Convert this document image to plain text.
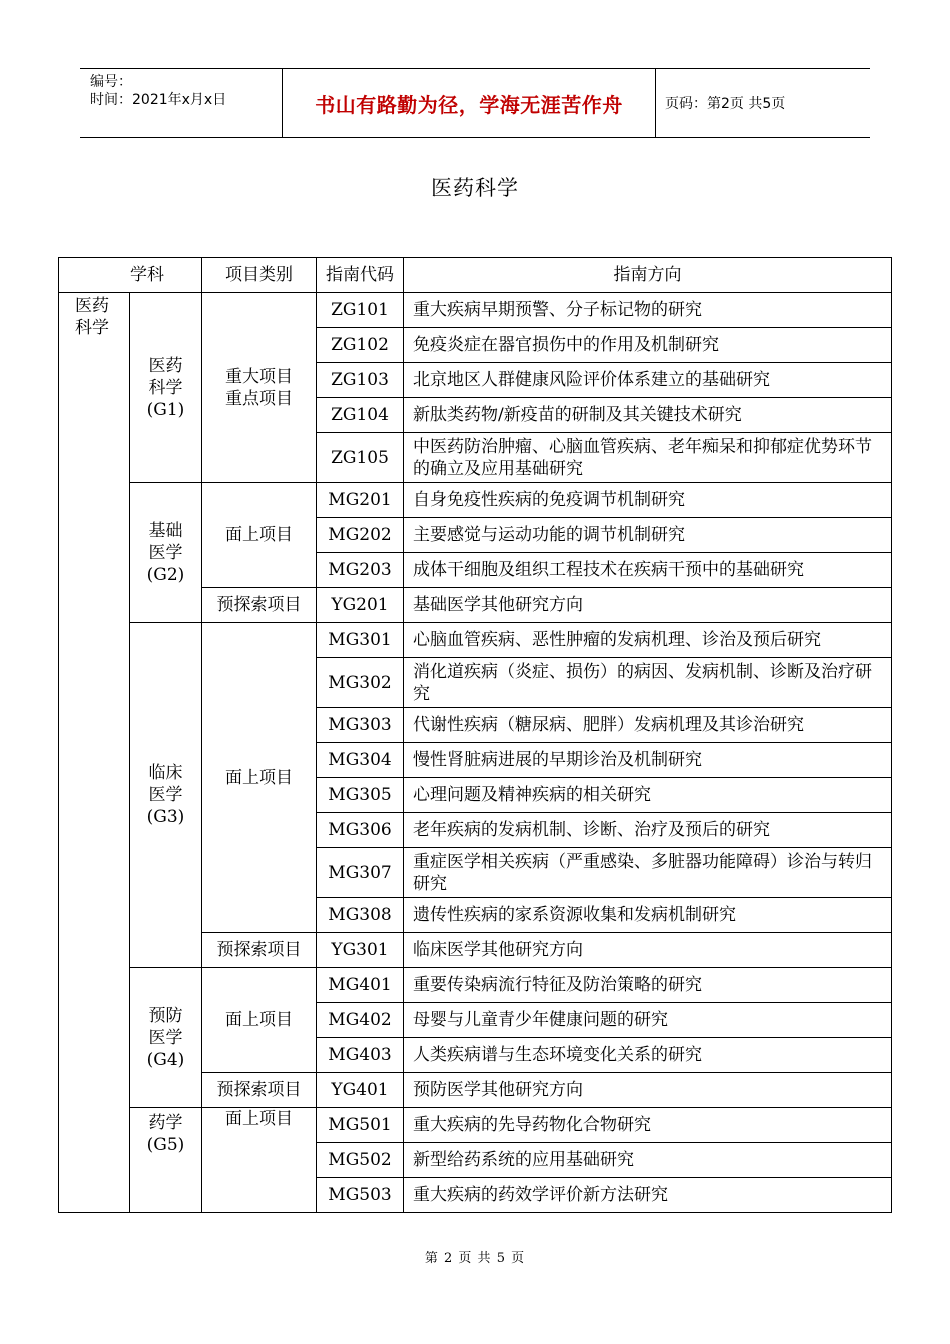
编号：
时间：2021年x月x日	书山有路勤为径，学海无涯苦作舟	页码：第2页 共5页
医药科学
学科		项目类别	指南代码	指南方向
医药科学	医药科学(G1)	重大项目重点项目	ZG101	重大疾病早期预警、分子标记物的研究
			ZG102	免疫炎症在器官损伤中的作用及机制研究
			ZG103	北京地区人群健康风险评价体系建立的基础研究
			ZG104	新肽类药物/新疫苗的研制及其关键技术研究
			ZG105	中医药防治肿瘤、心脑血管疾病、老年痴呆和抑郁症优势环节的确立及应用基础研究
	基础医学(G2)	面上项目	MG201	自身免疫性疾病的免疫调节机制研究
			MG202	主要感觉与运动功能的调节机制研究
			MG203	成体干细胞及组织工程技术在疾病干预中的基础研究
		预探索项目	YG201	基础医学其他研究方向
	临床医学(G3)	面上项目	MG301	心脑血管疾病、恶性肿瘤的发病机理、诊治及预后研究
			MG302	消化道疾病（炎症、损伤）的病因、发病机制、诊断及治疗研究
			MG303	代谢性疾病（糖尿病、肥胖）发病机理及其诊治研究
			MG304	慢性肾脏病进展的早期诊治及机制研究
			MG305	心理问题及精神疾病的相关研究
			MG306	老年疾病的发病机制、诊断、治疗及预后的研究
			MG307	重症医学相关疾病（严重感染、多脏器功能障碍）诊治与转归研究
			MG308	遗传性疾病的家系资源收集和发病机制研究
		预探索项目	YG301	临床医学其他研究方向
	预防医学(G4)	面上项目	MG401	重要传染病流行特征及防治策略的研究
			MG402	母婴与儿童青少年健康问题的研究
			MG403	人类疾病谱与生态环境变化关系的研究
		预探索项目	YG401	预防医学其他研究方向
	药学(G5)	面上项目	MG501	重大疾病的先导药物化合物研究
			MG502	新型给药系统的应用基础研究
			MG503	重大疾病的药效学评价新方法研究
第 2 页 共 5 页
